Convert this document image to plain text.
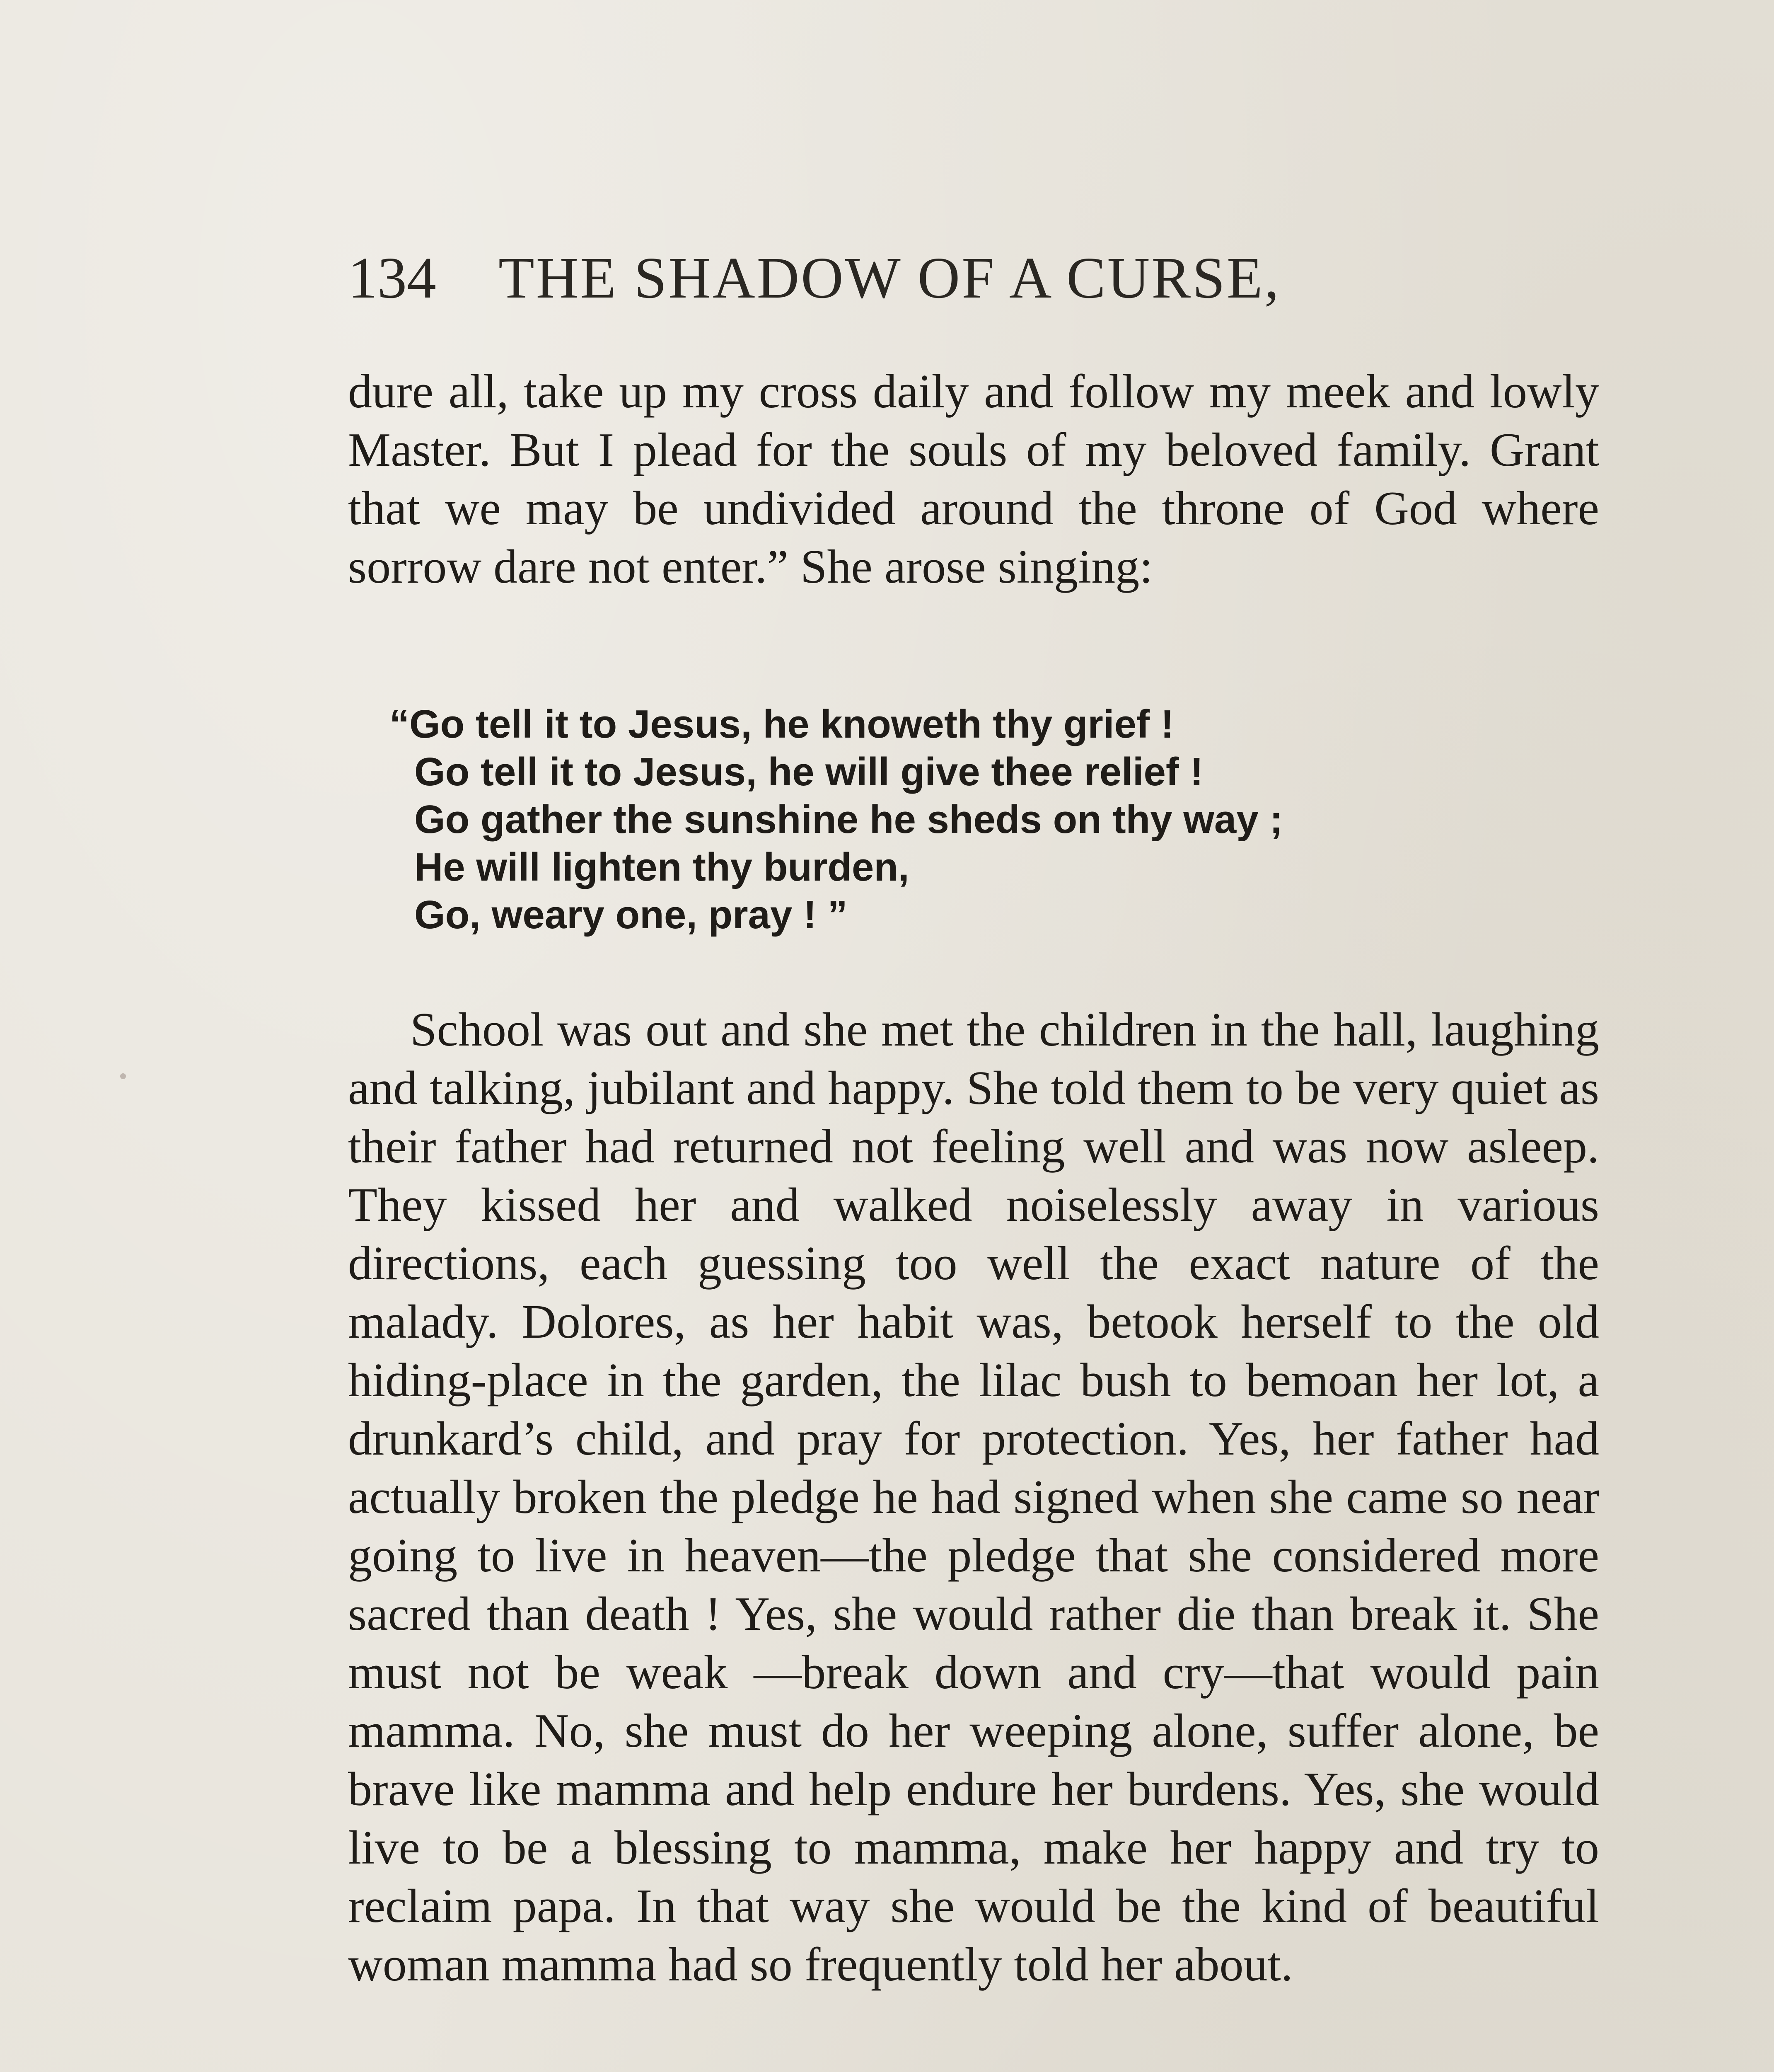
134 THE SHADOW OF A CURSE,

dure all, take up my cross daily and follow my meek and lowly Master. But I plead for the souls of my beloved family. Grant that we may be undivided around the throne of God where sorrow dare not enter.” She arose singing:

“Go tell it to Jesus, he knoweth thy grief !
Go tell it to Jesus, he will give thee relief !
Go gather the sunshine he sheds on thy way ;
He will lighten thy burden,
Go, weary one, pray ! ”

School was out and she met the children in the hall, laughing and talking, jubilant and happy. She told them to be very quiet as their father had returned not feeling well and was now asleep. They kissed her and walked noiselessly away in various directions, each guessing too well the exact nature of the malady. Dolores, as her habit was, betook herself to the old hiding-place in the garden, the lilac bush to bemoan her lot, a drunkard’s child, and pray for protection. Yes, her father had actually broken the pledge he had signed when she came so near going to live in heaven—the pledge that she considered more sacred than death ! Yes, she would rather die than break it. She must not be weak —break down and cry—that would pain mamma. No, she must do her weeping alone, suffer alone, be brave like mamma and help endure her burdens. Yes, she would live to be a blessing to mamma, make her happy and try to reclaim papa. In that way she would be the kind of beautiful woman mamma had so frequently told her about.
